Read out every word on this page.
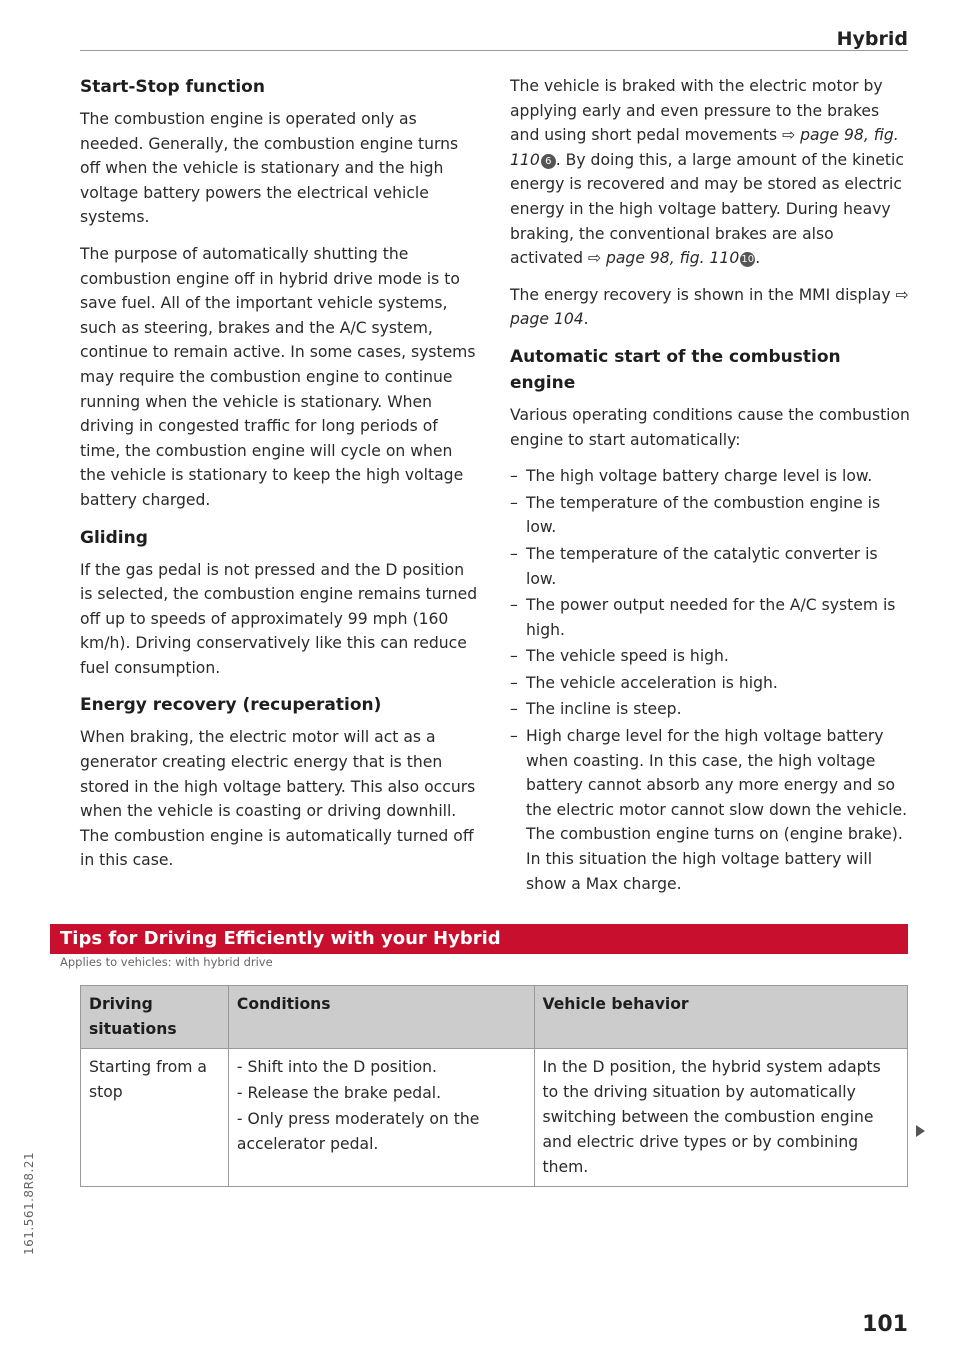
Hybrid
Start-Stop function

The combustion engine is operated only as needed. Generally, the combustion engine turns off when the vehicle is stationary and the high voltage battery powers the electrical vehicle systems.

The purpose of automatically shutting the combustion engine off in hybrid drive mode is to save fuel. All of the important vehicle systems, such as steering, brakes and the A/C system, continue to remain active. In some cases, systems may require the combustion engine to continue running when the vehicle is stationary. When driving in congested traffic for long periods of time, the combustion engine will cycle on when the vehicle is stationary to keep the high voltage battery charged.

Gliding

If the gas pedal is not pressed and the D position is selected, the combustion engine remains turned off up to speeds of approximately 99 mph (160 km/h). Driving conservatively like this can reduce fuel consumption.

Energy recovery (recuperation)

When braking, the electric motor will act as a generator creating electric energy that is then stored in the high voltage battery. This also occurs when the vehicle is coasting or driving downhill. The combustion engine is automatically turned off in this case.

The vehicle is braked with the electric motor by applying early and even pressure to the brakes and using short pedal movements ⇨ page 98, fig. 110 6 . By doing this, a large amount of the kinetic energy is recovered and may be stored as electric energy in the high voltage battery. During heavy braking, the conventional brakes are also activated ⇨ page 98, fig. 110 10.

The energy recovery is shown in the MMI display ⇨ page 104.

Automatic start of the combustion engine

Various operating conditions cause the combustion engine to start automatically:

– The high voltage battery charge level is low.
– The temperature of the combustion engine is low.
– The temperature of the catalytic converter is low.
– The power output needed for the A/C system is high.
– The vehicle speed is high.
– The vehicle acceleration is high.
– The incline is steep.
– High charge level for the high voltage battery when coasting. In this case, the high voltage battery cannot absorb any more energy and so the electric motor cannot slow down the vehicle. The combustion engine turns on (engine brake). In this situation the high voltage battery will show a Max charge.
Tips for Driving Efficiently with your Hybrid
Applies to vehicles: with hybrid drive
Driving situations	Conditions	Vehicle behavior
Starting from a stop	- Shift into the D position.
- Release the brake pedal.
- Only press moderately on the accelerator pedal.	In the D position, the hybrid system adapts to the driving situation by automatically switching between the combustion engine and electric drive types or by combining them.
161.561.8R8.21
101
